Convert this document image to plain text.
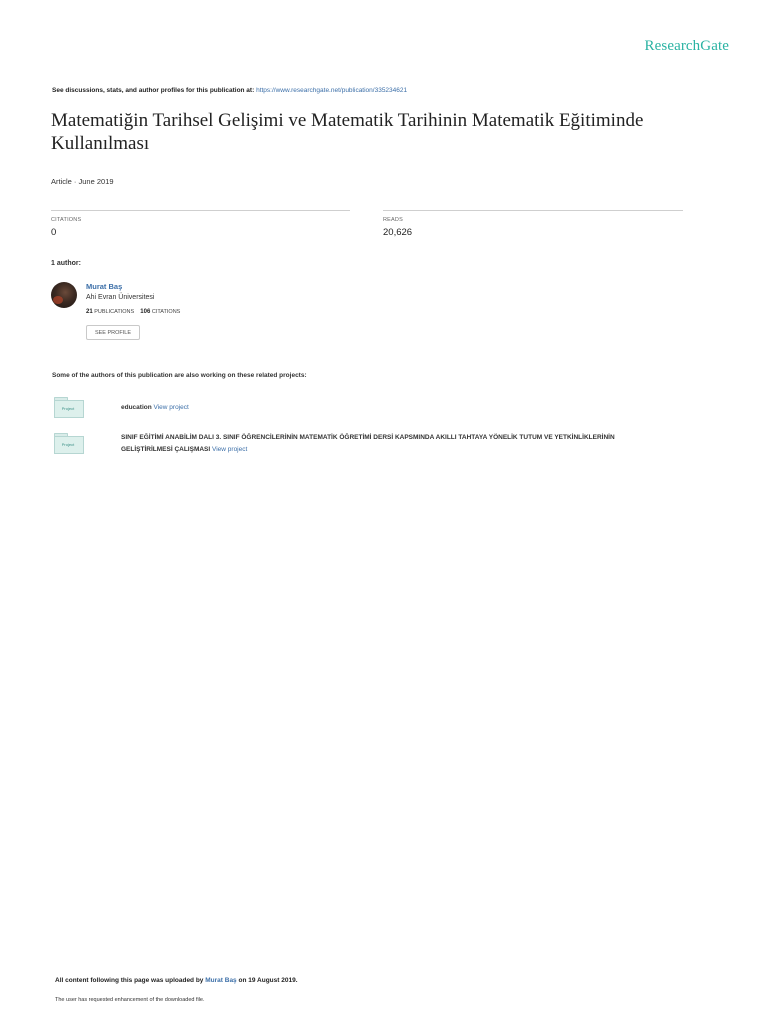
ResearchGate
See discussions, stats, and author profiles for this publication at: https://www.researchgate.net/publication/335234621
Matematiğin Tarihsel Gelişimi ve Matematik Tarihinin Matematik Eğitiminde Kullanılması
Article · June 2019
CITATIONS
0
READS
20,626
1 author:
Murat Baş
Ahi Evran Üniversitesi
21 PUBLICATIONS 106 CITATIONS
SEE PROFILE
Some of the authors of this publication are also working on these related projects:
Project	education View project
Project
SINIF EĞİTİMİ ANABİLİM DALI 3. SINIF ÖĞRENCİLERİNİN MATEMATİK ÖĞRETİMİ DERSİ KAPSMINDA AKILLI TAHTAYA YÖNELİK TUTUM VE YETKİNLİKLERİNİN
GELİŞTİRİLMESİ ÇALIŞMASI View project
All content following this page was uploaded by Murat Baş on 19 August 2019.
The user has requested enhancement of the downloaded file.
